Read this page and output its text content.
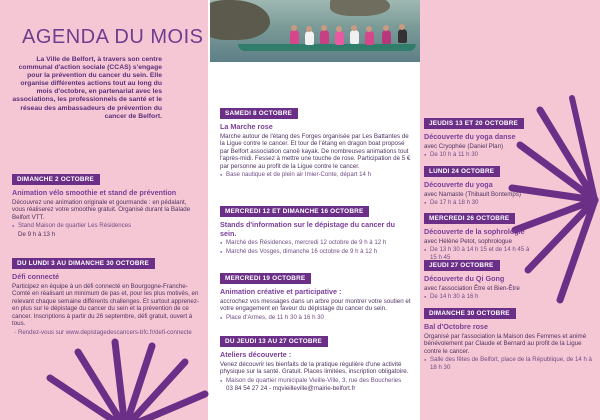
AGENDA DU MOIS
La Ville de Belfort, à travers son centre communal d'action sociale (CCAS) s'engage pour la prévention du cancer du sein. Elle organise différentes actions tout au long du mois d'octobre, en partenariat avec les associations, les professionnels de santé et le réseau des ambassadeurs de prévention du cancer de Belfort.
DIMANCHE 2 OCTOBRE
Animation vélo smoothie et stand de prévention
Découvrez une animation originale et gourmande : en pédalant, vous réaliserez votre smoothie gratuit. Organisé durant la Balade Belfort VTT.
● Stand Maison de quartier Les Résidences
De 9 h à 13 h
DU LUNDI 3 AU DIMANCHE 30 OCTOBRE
Défi connecté
Participez en équipe à un défi connecté en Bourgogne-Franche-Comté en réalisant un minimum de pas et, pour les plus motivés, en relevant chaque semaine différents challenges. Et surtout apprenez-en plus sur le dépistage du cancer du sein et la prévention de ce cancer. Inscriptions à partir du 26 septembre, défi gratuit, ouvert à tous.
→ Rendez-vous sur www.depistagedescancers-bfc.fr/defi-connecte
SAMEDI 8 OCTOBRE
La Marche rose
Marche autour de l'étang des Forges organisée par Les Battantes de la Ligue contre le cancer. Et tour de l'étang en dragon boat proposé par Belfort association canoë kayak. De nombreuses animations tout l'après-midi. Fessez à mettre une touche de rose. Participation de 5 € par personne au profit de la Ligue contre le cancer.
● Base nautique et de plein air Imier-Conte, départ 14 h
MERCREDI 12 ET DIMANCHE 16 OCTOBRE
Stands d'information sur le dépistage du cancer du sein.
● Marché des Résidences, mercredi 12 octobre de 9 h à 12 h
● Marché des Vosges, dimanche 16 octobre de 9 h à 12 h
MERCREDI 19 OCTOBRE
Animation créative et participative :
accrochez vos messages dans un arbre pour montrer votre soutien et votre engagement en faveur du dépistage du cancer du sein.
● Place d'Armes, de 11 h 30 à 16 h 30
DU JEUDI 13 AU 27 OCTOBRE
Ateliers découverte :
Venez découvrir les bienfaits de la pratique régulière d'une activité physique sur la santé. Gratuit. Places limitées, inscription obligatoire.
● Maison de quartier municipale Vieille-Ville, 3, rue des Boucheries
03 84 54 27 24 - mqvieilleville@mairie-belfort.fr
JEUDIS 13 ET 20 OCTOBRE
Découverte du yoga danse
avec Cryophée (Daniel Plan)
● De 10 h à 11 h 30
LUNDI 24 OCTOBRE
Découverte du yoga
avec Namaste (Thibault Bontemps)
● De 17 h à 18 h 30
MERCREDI 26 OCTOBRE
Découverte de la sophrologie
avec Hélène Petot, sophrologue
● De 13 h 30 à 14 h 15 et de 14 h 45 à 15 h 45
JEUDI 27 OCTOBRE
Découverte du Qi Gong
avec l'association Être et Bien-Être
● De 14 h 30 à 16 h
DIMANCHE 30 OCTOBRE
Bal d'Octobre rose
Organisé par l'association la Maison des Femmes et animé bénévolement par Claude et Bernard au profit de la Ligue contre le cancer.
● Salle des fêtes de Belfort, place de la République, de 14 h à 18 h 30
